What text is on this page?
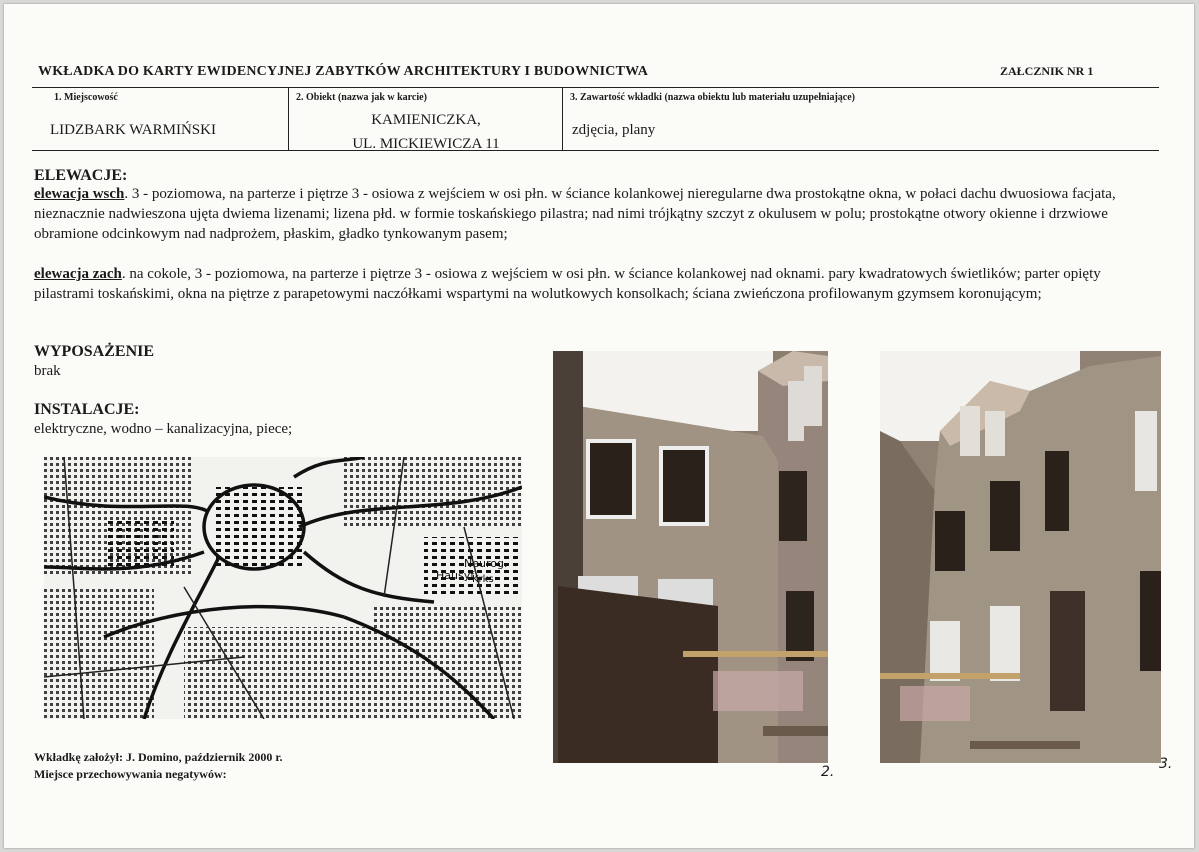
WKŁADKA DO KARTY EWIDENCYJNEJ ZABYTKÓW ARCHITEKTURY I BUDOWNICTWA	ZAŁCZNIK NR 1
1. Miejscowość
LIDZBARK WARMIŃSKI
2. Obiekt (nazwa jak w karcie)
KAMIENICZKA,
UL. MICKIEWICZA 11
3. Zawartość wkładki (nazwa obiektu lub materiału uzupełniające)
zdjęcia, plany
ELEWACJE:
elewacja wsch. 3 - poziomowa, na parterze i piętrze 3 - osiowa z wejściem w osi płn. w ściance kolankowej nieregularne dwa prostokątne okna, w połaci dachu dwuosiowa facjata, nieznacznie nadwieszona ujęta dwiema lizenami; lizena płd. w formie toskańskiego pilastra; nad nimi trójkątny szczyt z okulusem w polu; prostokątne otwory okienne i drzwiowe obramione odcinkowym nad nadprożem, płaskim, gładko tynkowanym pasem;
elewacja zach. na cokole, 3 - poziomowa, na parterze i piętrze 3 - osiowa z wejściem w osi płn. w ściance kolankowej nad oknami. pary kwadratowych świetlików; parter opięty pilastrami toskańskimi, okna na piętrze z parapetowymi naczółkami wspartymi na wolutkowych konsolkach; ściana zwieńczona profilowanym gzymsem koronującym;
WYPOSAŻENIE
brak
INSTALACJE:
elektryczne, wodno – kanalizacyjna, piece;
Hausyf
Neurog.
Krks
2.	3.
Wkładkę założył: J. Domino, październik 2000 r.
Miejsce przechowywania negatywów:
